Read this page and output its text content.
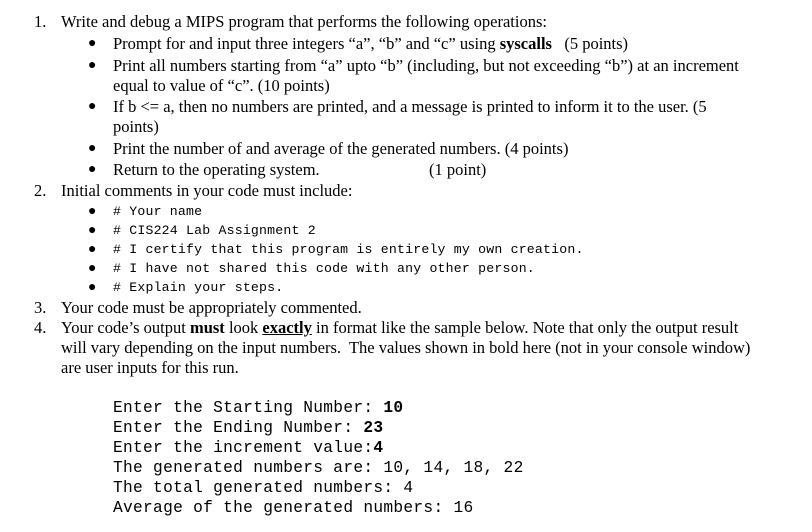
1. Write and debug a MIPS program that performs the following operations:
● Prompt for and input three integers “a”, “b” and “c” using syscalls   (5 points)
● Print all numbers starting from “a” upto “b” (including, but not exceeding “b”) at an increment
equal to value of “c”. (10 points)
● If b <= a, then no numbers are printed, and a message is printed to inform it to the user. (5
points)
● Print the number of and average of the generated numbers. (4 points)
● Return to the operating system.	(1 point)
2. Initial comments in your code must include:
● # Your name
● # CIS224 Lab Assignment 2
● # I certify that this program is entirely my own creation.
● # I have not shared this code with any other person.
● # Explain your steps.
3. Your code must be appropriately commented.
4. Your code’s output must look exactly in format like the sample below. Note that only the output result
will vary depending on the input numbers.  The values shown in bold here (not in your console window)
are user inputs for this run.
Enter the Starting Number: 10
Enter the Ending Number: 23
Enter the increment value:4
The generated numbers are: 10, 14, 18, 22
The total generated numbers: 4
Average of the generated numbers: 16
